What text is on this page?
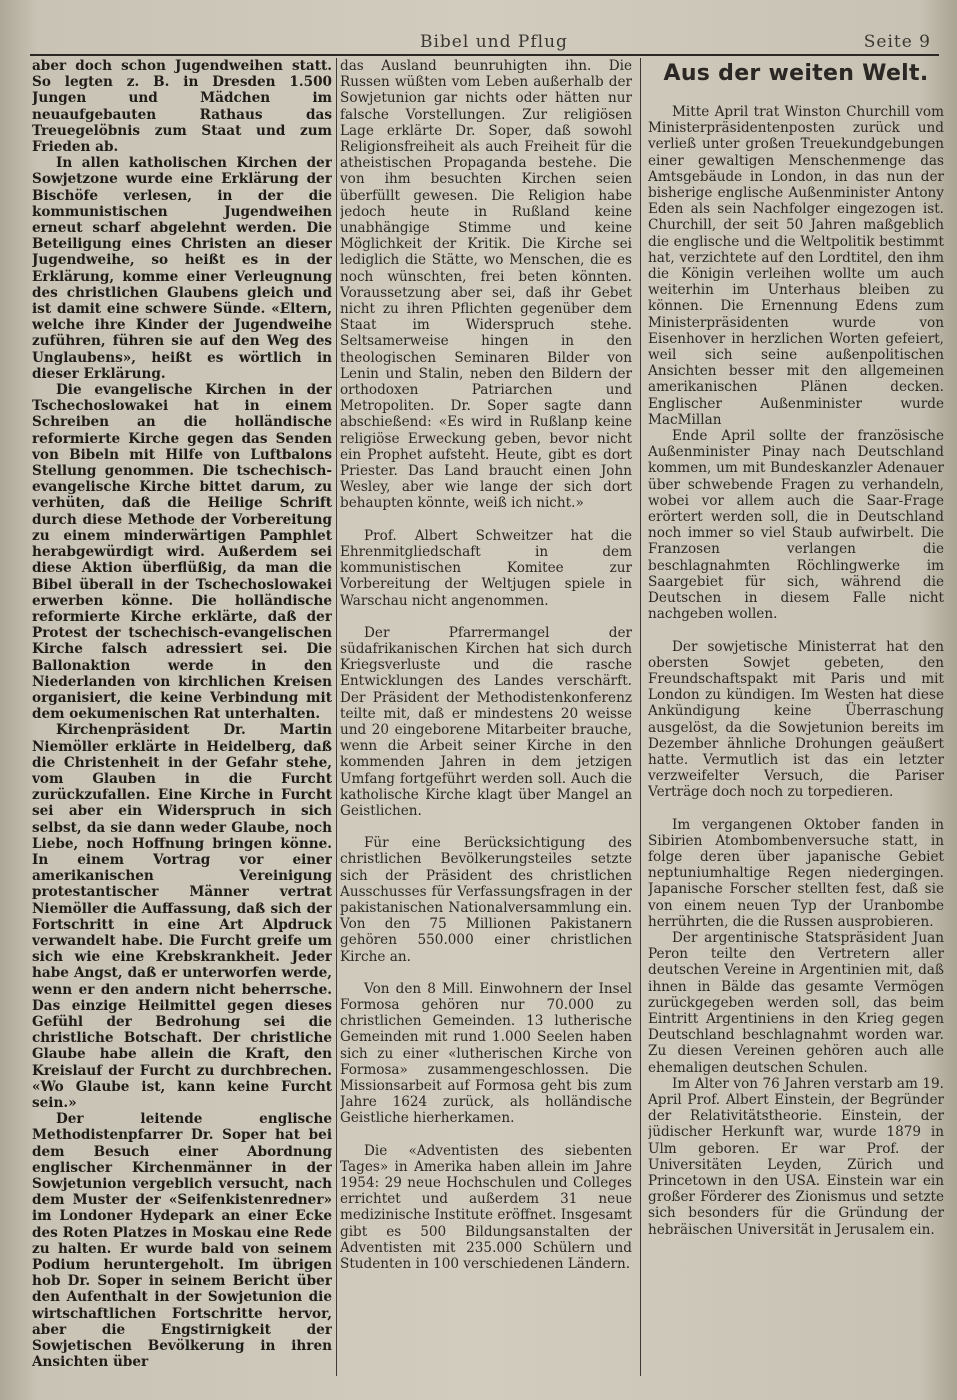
Bibel und Pflug	Seite 9

aber doch schon Jugendweihen statt. So legten z. B. in Dresden 1.500 Jungen und Mädchen im neuaufgebauten Rathaus das Treuegelöbnis zum Staat und zum Frieden ab.

In allen katholischen Kirchen der Sowjetzone wurde eine Erklärung der Bischöfe verlesen, in der die kommunistischen Jugendweihen erneut scharf abgelehnt werden. Die Beteiligung eines Christen an dieser Jugendweihe, so heißt es in der Erklärung, komme einer Verleugnung des christlichen Glaubens gleich und ist damit eine schwere Sünde. «Eltern, welche ihre Kinder der Jugendweihe zuführen, führen sie auf den Weg des Unglaubens», heißt es wörtlich in dieser Erklärung.

Die evangelische Kirchen in der Tschechoslowakei hat in einem Schreiben an die holländische reformierte Kirche gegen das Senden von Bibeln mit Hilfe von Luftbalons Stellung genommen. Die tschechisch-evangelische Kirche bittet darum, zu verhüten, daß die Heilige Schrift durch diese Methode der Vorbereitung zu einem minderwärtigen Pamphlet herabgewürdigt wird. Außerdem sei diese Aktion überflüßig, da man die Bibel überall in der Tschechoslowakei erwerben könne. Die holländische reformierte Kirche erklärte, daß der Protest der tschechisch-evangelischen Kirche falsch adressiert sei. Die Ballonaktion werde in den Niederlanden von kirchlichen Kreisen organisiert, die keine Verbindung mit dem oekumenischen Rat unterhalten.

Kirchenpräsident Dr. Martin Niemöller erklärte in Heidelberg, daß die Christenheit in der Gefahr stehe, vom Glauben in die Furcht zurückzufallen. Eine Kirche in Furcht sei aber ein Widerspruch in sich selbst, da sie dann weder Glaube, noch Liebe, noch Hoffnung bringen könne. In einem Vortrag vor einer amerikanischen Vereinigung protestantischer Männer vertrat Niemöller die Auffassung, daß sich der Fortschritt in eine Art Alpdruck verwandelt habe. Die Furcht greife um sich wie eine Krebskrankheit. Jeder habe Angst, daß er unterworfen werde, wenn er den andern nicht beherrsche. Das einzige Heilmittel gegen dieses Gefühl der Bedrohung sei die christliche Botschaft. Der christliche Glaube habe allein die Kraft, den Kreislauf der Furcht zu durchbrechen. «Wo Glaube ist, kann keine Furcht sein.»

Der leitende englische Methodistenpfarrer Dr. Soper hat bei dem Besuch einer Abordnung englischer Kirchenmänner in der Sowjetunion vergeblich versucht, nach dem Muster der «Seifenkistenredner» im Londoner Hydepark an einer Ecke des Roten Platzes in Moskau eine Rede zu halten. Er wurde bald von seinem Podium heruntergeholt. Im übrigen hob Dr. Soper in seinem Bericht über den Aufenthalt in der Sowjetunion die wirtschaftlichen Fortschritte hervor, aber die Engstirnigkeit der Sowjetischen Bevölkerung in ihren Ansichten über

das Ausland beunruhigten ihn. Die Russen wüßten vom Leben außerhalb der Sowjetunion gar nichts oder hätten nur falsche Vorstellungen. Zur religiösen Lage erklärte Dr. Soper, daß sowohl Religionsfreiheit als auch Freiheit für die atheistischen Propaganda bestehe. Die von ihm besuchten Kirchen seien überfüllt gewesen. Die Religion habe jedoch heute in Rußland keine unabhängige Stimme und keine Möglichkeit der Kritik. Die Kirche sei lediglich die Stätte, wo Menschen, die es noch wünschten, frei beten könnten. Voraussetzung aber sei, daß ihr Gebet nicht zu ihren Pflichten gegenüber dem Staat im Widerspruch stehe. Seltsamerweise hingen in den theologischen Seminaren Bilder von Lenin und Stalin, neben den Bildern der orthodoxen Patriarchen und Metropoliten. Dr. Soper sagte dann abschießend: «Es wird in Rußlanp keine religiöse Erweckung geben, bevor nicht ein Prophet aufsteht. Heute, gibt es dort Priester. Das Land braucht einen John Wesley, aber wie lange der sich dort behaupten könnte, weiß ich nicht.»

Prof. Albert Schweitzer hat die Ehrenmitgliedschaft in dem kommunistischen Komitee zur Vorbereitung der Weltjugen spiele in Warschau nicht angenommen.

Der Pfarrermangel der südafrikanischen Kirchen hat sich durch Kriegsverluste und die rasche Entwicklungen des Landes verschärft. Der Präsident der Methodistenkonferenz teilte mit, daß er mindestens 20 weisse und 20 eingeborene Mitarbeiter brauche, wenn die Arbeit seiner Kirche in den kommenden Jahren in dem jetzigen Umfang fortgeführt werden soll. Auch die katholische Kirche klagt über Mangel an Geistlichen.

Für eine Berücksichtigung des christlichen Bevölkerungsteiles setzte sich der Präsident des christlichen Ausschusses für Verfassungsfragen in der pakistanischen Nationalversammlung ein. Von den 75 Millionen Pakistanern gehören 550.000 einer christlichen Kirche an.

Von den 8 Mill. Einwohnern der Insel Formosa gehören nur 70.000 zu christlichen Gemeinden. 13 lutherische Gemeinden mit rund 1.000 Seelen haben sich zu einer «lutherischen Kirche von Formosa» zusammengeschlossen. Die Missionsarbeit auf Formosa geht bis zum Jahre 1624 zurück, als holländische Geistliche hierherkamen.

Die «Adventisten des siebenten Tages» in Amerika haben allein im Jahre 1954: 29 neue Hochschulen und Colleges errichtet und außerdem 31 neue medizinische Institute eröffnet. Insgesamt gibt es 500 Bildungsanstalten der Adventisten mit 235.000 Schülern und Studenten in 100 verschiedenen Ländern.

Aus der weiten Welt.

Mitte April trat Winston Churchill vom Ministerpräsidentenposten zurück und verließ unter großen Treuekundgebungen einer gewaltigen Menschenmenge das Amtsgebäude in London, in das nun der bisherige englische Außenminister Antony Eden als sein Nachfolger eingezogen ist. Churchill, der seit 50 Jahren maßgeblich die englische und die Weltpolitik bestimmt hat, verzichtete auf den Lordtitel, den ihm die Königin verleihen wollte um auch weiterhin im Unterhaus bleiben zu können. Die Ernennung Edens zum Ministerpräsidenten wurde von Eisenhover in herzlichen Worten gefeiert, weil sich seine außenpolitischen Ansichten besser mit den allgemeinen amerikanischen Plänen decken. Englischer Außenminister wurde MacMillan

Ende April sollte der französische Außenminister Pinay nach Deutschland kommen, um mit Bundeskanzler Adenauer über schwebende Fragen zu verhandeln, wobei vor allem auch die Saar-Frage erörtert werden soll, die in Deutschland noch immer so viel Staub aufwirbelt. Die Franzosen verlangen die beschlagnahmten Röchlingwerke im Saargebiet für sich, während die Deutschen in diesem Falle nicht nachgeben wollen.

Der sowjetische Ministerrat hat den obersten Sowjet gebeten, den Freundschaftspakt mit Paris und mit London zu kündigen. Im Westen hat diese Ankündigung keine Überraschung ausgelöst, da die Sowjetunion bereits im Dezember ähnliche Drohungen geäußert hatte. Vermutlich ist das ein letzter verzweifelter Versuch, die Pariser Verträge doch noch zu torpedieren.

Im vergangenen Oktober fanden in Sibirien Atombombenversuche statt, in folge deren über japanische Gebiet neptuniumhaltige Regen niedergingen. Japanische Forscher stellten fest, daß sie von einem neuen Typ der Uranbombe herrührten, die die Russen ausprobieren.

Der argentinische Statspräsident Juan Peron teilte den Vertretern aller deutschen Vereine in Argentinien mit, daß ihnen in Bälde das gesamte Vermögen zurückgegeben werden soll, das beim Eintritt Argentiniens in den Krieg gegen Deutschland beschlagnahmt worden war. Zu diesen Vereinen gehören auch alle ehemaligen deutschen Schulen.

Im Alter von 76 Jahren verstarb am 19. April Prof. Albert Einstein, der Begründer der Relativitätstheorie. Einstein, der jüdischer Herkunft war, wurde 1879 in Ulm geboren. Er war Prof. der Universitäten Leyden, Zürich und Princetown in den USA. Einstein war ein großer Förderer des Zionismus und setzte sich besonders für die Gründung der hebräischen Universität in Jerusalem ein.
